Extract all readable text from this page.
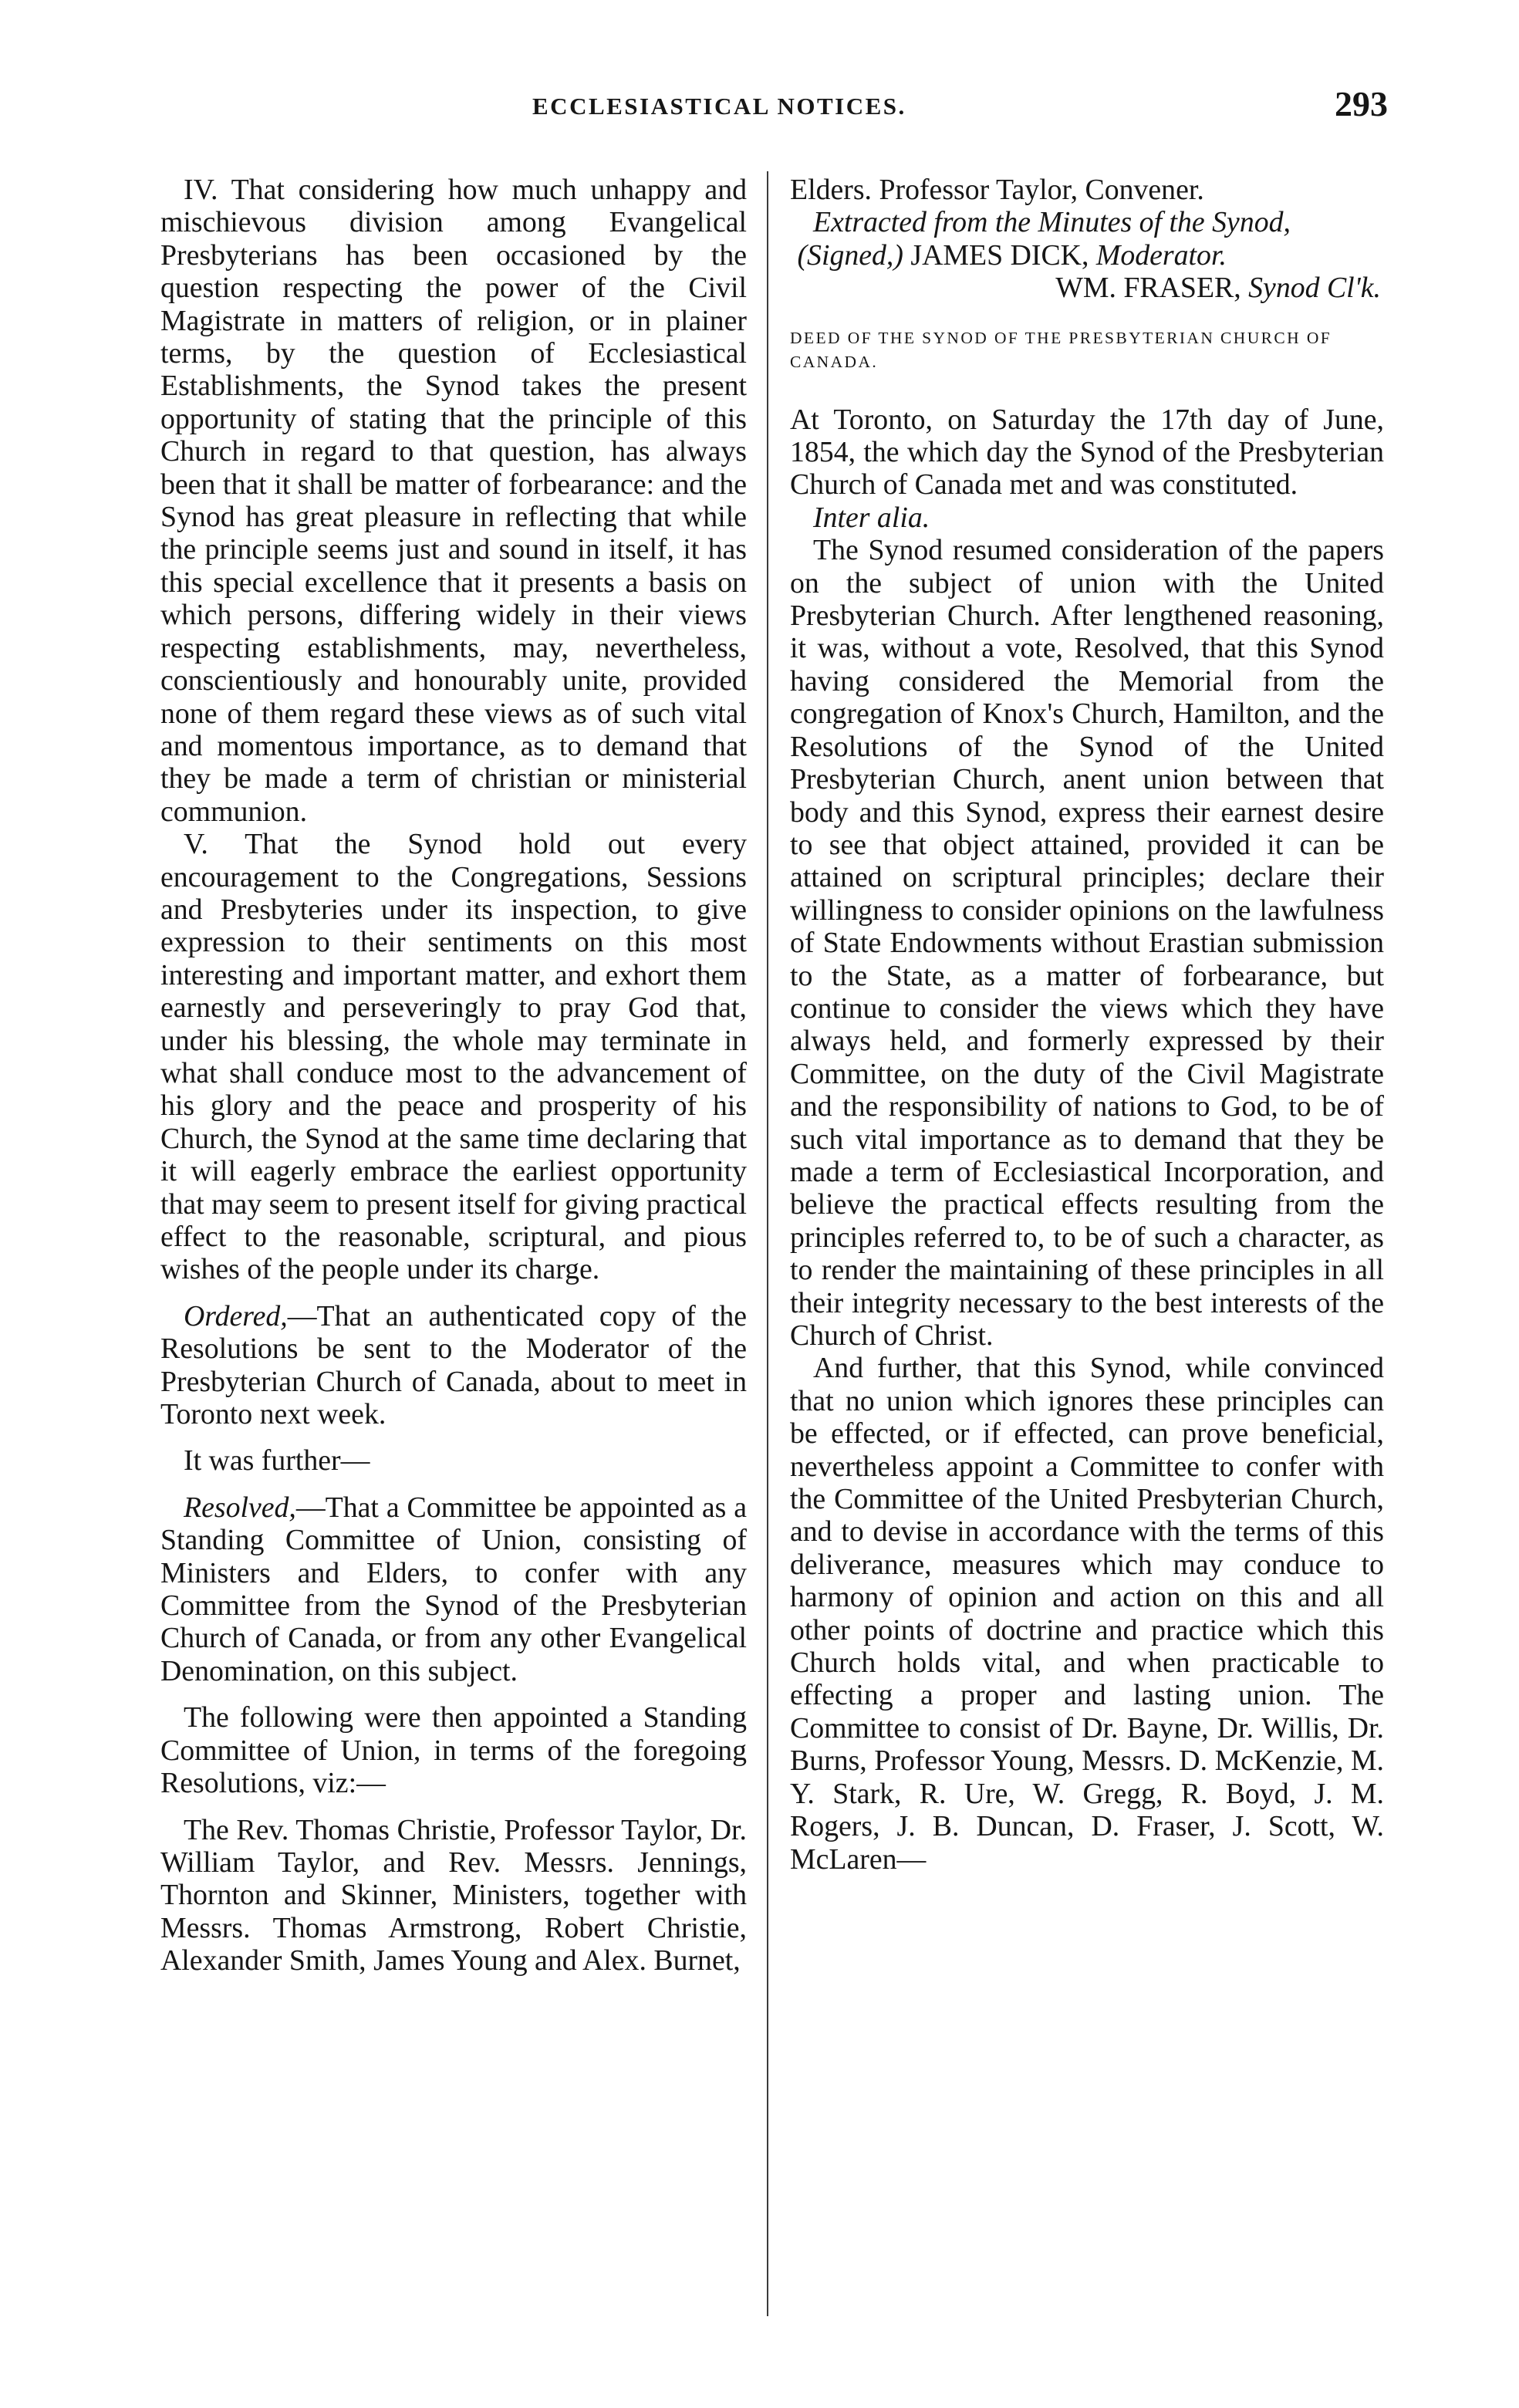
ECCLESIASTICAL NOTICES.	293

IV. That considering how much unhappy and mischievous division among Evangelical Presbyterians has been occasioned by the question respecting the power of the Civil Magistrate in matters of religion, or in plainer terms, by the question of Ecclesiastical Establishments, the Synod takes the present opportunity of stating that the principle of this Church in regard to that question, has always been that it shall be matter of forbearance: and the Synod has great pleasure in reflecting that while the principle seems just and sound in itself, it has this special excellence that it presents a basis on which persons, differing widely in their views respecting establishments, may, nevertheless, conscientiously and honourably unite, provided none of them regard these views as of such vital and momentous importance, as to demand that they be made a term of christian or ministerial communion.

V. That the Synod hold out every encouragement to the Congregations, Sessions and Presbyteries under its inspection, to give expression to their sentiments on this most interesting and important matter, and exhort them earnestly and perseveringly to pray God that, under his blessing, the whole may terminate in what shall conduce most to the advancement of his glory and the peace and prosperity of his Church, the Synod at the same time declaring that it will eagerly embrace the earliest opportunity that may seem to present itself for giving practical effect to the reasonable, scriptural, and pious wishes of the people under its charge.

Ordered,—That an authenticated copy of the Resolutions be sent to the Moderator of the Presbyterian Church of Canada, about to meet in Toronto next week.

It was further—

Resolved,—That a Committee be appointed as a Standing Committee of Union, consisting of Ministers and Elders, to confer with any Committee from the Synod of the Presbyterian Church of Canada, or from any other Evangelical Denomination, on this subject.

The following were then appointed a Standing Committee of Union, in terms of the foregoing Resolutions, viz:—

The Rev. Thomas Christie, Professor Taylor, Dr. William Taylor, and Rev. Messrs. Jennings, Thornton and Skinner, Ministers, together with Messrs. Thomas Armstrong, Robert Christie, Alexander Smith, James Young and Alex. Burnet,

Elders. Professor Taylor, Convener.

Extracted from the Minutes of the Synod,

(Signed,) JAMES DICK, Moderator.

WM. FRASER, Synod Cl'k.

DEED OF THE SYNOD OF THE PRESBYTERIAN CHURCH OF CANADA.

At Toronto, on Saturday the 17th day of June, 1854, the which day the Synod of the Presbyterian Church of Canada met and was constituted.

Inter alia.

The Synod resumed consideration of the papers on the subject of union with the United Presbyterian Church. After lengthened reasoning, it was, without a vote, Resolved, that this Synod having considered the Memorial from the congregation of Knox's Church, Hamilton, and the Resolutions of the Synod of the United Presbyterian Church, anent union between that body and this Synod, express their earnest desire to see that object attained, provided it can be attained on scriptural principles; declare their willingness to consider opinions on the lawfulness of State Endowments without Erastian submission to the State, as a matter of forbearance, but continue to consider the views which they have always held, and formerly expressed by their Committee, on the duty of the Civil Magistrate and the responsibility of nations to God, to be of such vital importance as to demand that they be made a term of Ecclesiastical Incorporation, and believe the practical effects resulting from the principles referred to, to be of such a character, as to render the maintaining of these principles in all their integrity necessary to the best interests of the Church of Christ.

And further, that this Synod, while convinced that no union which ignores these principles can be effected, or if effected, can prove beneficial, nevertheless appoint a Committee to confer with the Committee of the United Presbyterian Church, and to devise in accordance with the terms of this deliverance, measures which may conduce to harmony of opinion and action on this and all other points of doctrine and practice which this Church holds vital, and when practicable to effecting a proper and lasting union. The Committee to consist of Dr. Bayne, Dr. Willis, Dr. Burns, Professor Young, Messrs. D. McKenzie, M. Y. Stark, R. Ure, W. Gregg, R. Boyd, J. M. Rogers, J. B. Duncan, D. Fraser, J. Scott, W. McLaren—
